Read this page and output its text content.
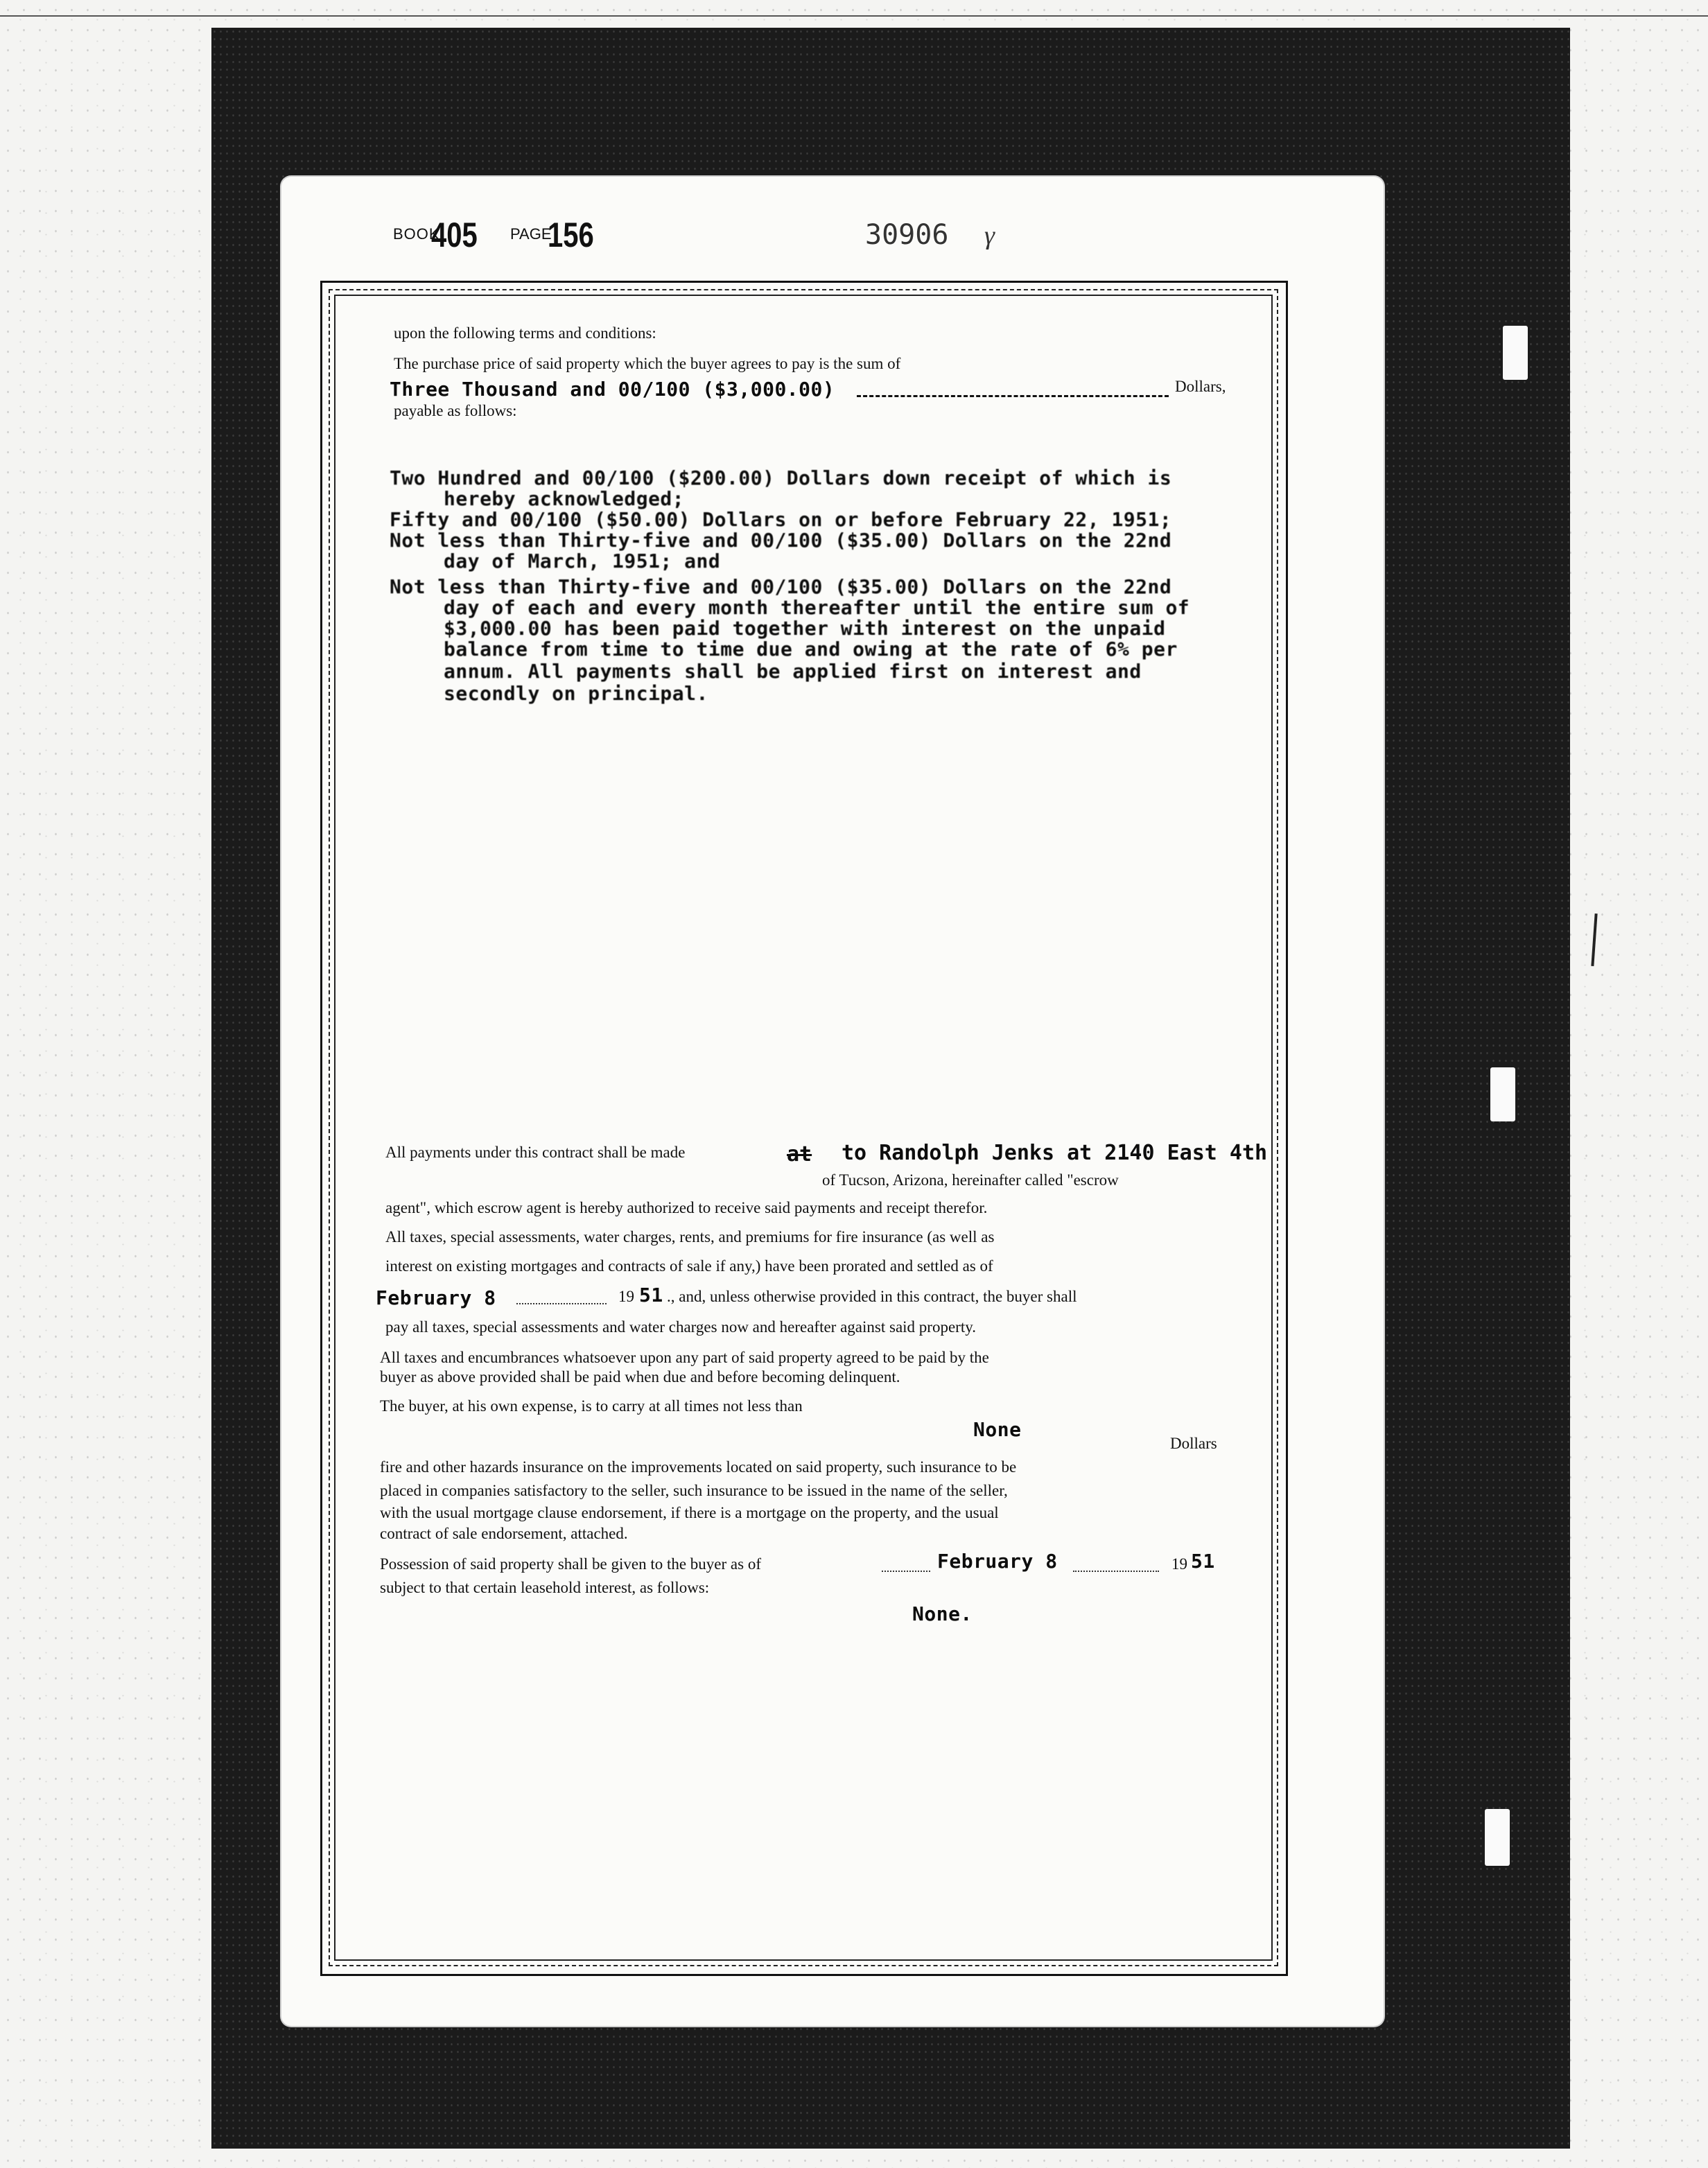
BOOK
405 PAGE
156	30906 γ
upon the following terms and conditions:
The purchase price of said property which the buyer agrees to pay is the sum of
Three Thousand and 00/100 ($3,000.00)	Dollars,
payable as follows:
Two Hundred and 00/100 ($200.00) Dollars down receipt of which is
hereby acknowledged;
Fifty and 00/100 ($50.00) Dollars on or before February 22, 1951;
Not less than Thirty-five and 00/100 ($35.00) Dollars on the 22nd
day of March, 1951; and
Not less than Thirty-five and 00/100 ($35.00) Dollars on the 22nd
day of each and every month thereafter until the entire sum of
$3,000.00 has been paid together with interest on the unpaid
balance from time to time due and owing at the rate of 6% per
annum. All payments shall be applied first on interest and
secondly on principal.
All payments under this contract shall be made	at to Randolph Jenks at 2140 East 4th
of Tucson, Arizona, hereinafter called "escrow
agent", which escrow agent is hereby authorized to receive said payments and receipt therefor.
All taxes, special assessments, water charges, rents, and premiums for fire insurance (as well as
interest on existing mortgages and contracts of sale if any,) have been prorated and settled as of
February 8	19 51 ., and, unless otherwise provided in this contract, the buyer shall
pay all taxes, special assessments and water charges now and hereafter against said property.
All taxes and encumbrances whatsoever upon any part of said property agreed to be paid by the
buyer as above provided shall be paid when due and before becoming delinquent.
The buyer, at his own expense, is to carry at all times not less than
None
Dollars
fire and other hazards insurance on the improvements located on said property, such insurance to be
placed in companies satisfactory to the seller, such insurance to be issued in the name of the seller,
with the usual mortgage clause endorsement, if there is a mortgage on the property, and the usual
contract of sale endorsement, attached.
Possession of said property shall be given to the buyer as of	February 8	19 51
subject to that certain leasehold interest, as follows:
None.
